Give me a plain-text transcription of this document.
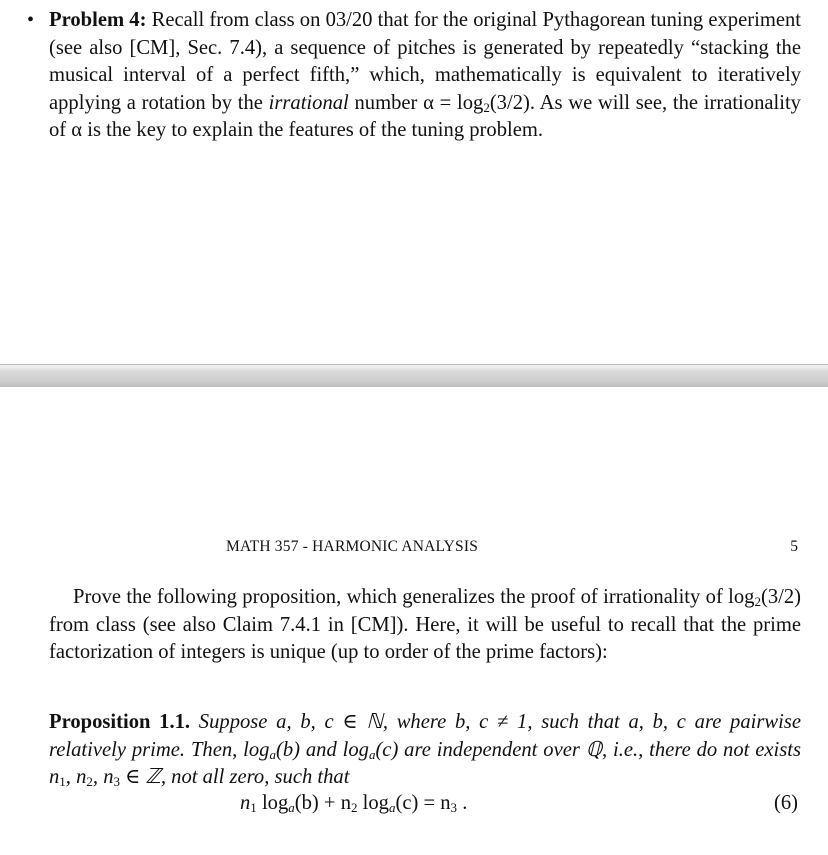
• Problem 4: Recall from class on 03/20 that for the original Pythagorean tuning experiment (see also [CM], Sec. 7.4), a sequence of pitches is generated by repeatedly “stacking the musical interval of a perfect fifth,” which, mathematically is equivalent to iteratively applying a rotation by the irrational number $\alpha = \log_2(3/2)$. As we will see, the irrationality of α is the key to explain the features of the tuning problem.
MATH 357 - HARMONIC ANALYSIS	5
Prove the following proposition, which generalizes the proof of irrationality of $\log_2(3/2)$ from class (see also Claim 7.4.1 in [CM]). Here, it will be useful to recall that the prime factorization of integers is unique (up to order of the prime factors):
Proposition 1.1. Suppose a, b, c ∈ ℕ, where b, c ≠ 1, such that a, b, c are pairwise relatively prime. Then, $\log_a(b)$ and $\log_a(c)$ are independent over ℚ, i.e., there do not exists $n_1$, $n_2$, $n_3$ ∈ ℤ, not all zero, such that
$n_1$ $\log_a(b) + n_2$ $\log_a(c) = n_3$ .	(6)
